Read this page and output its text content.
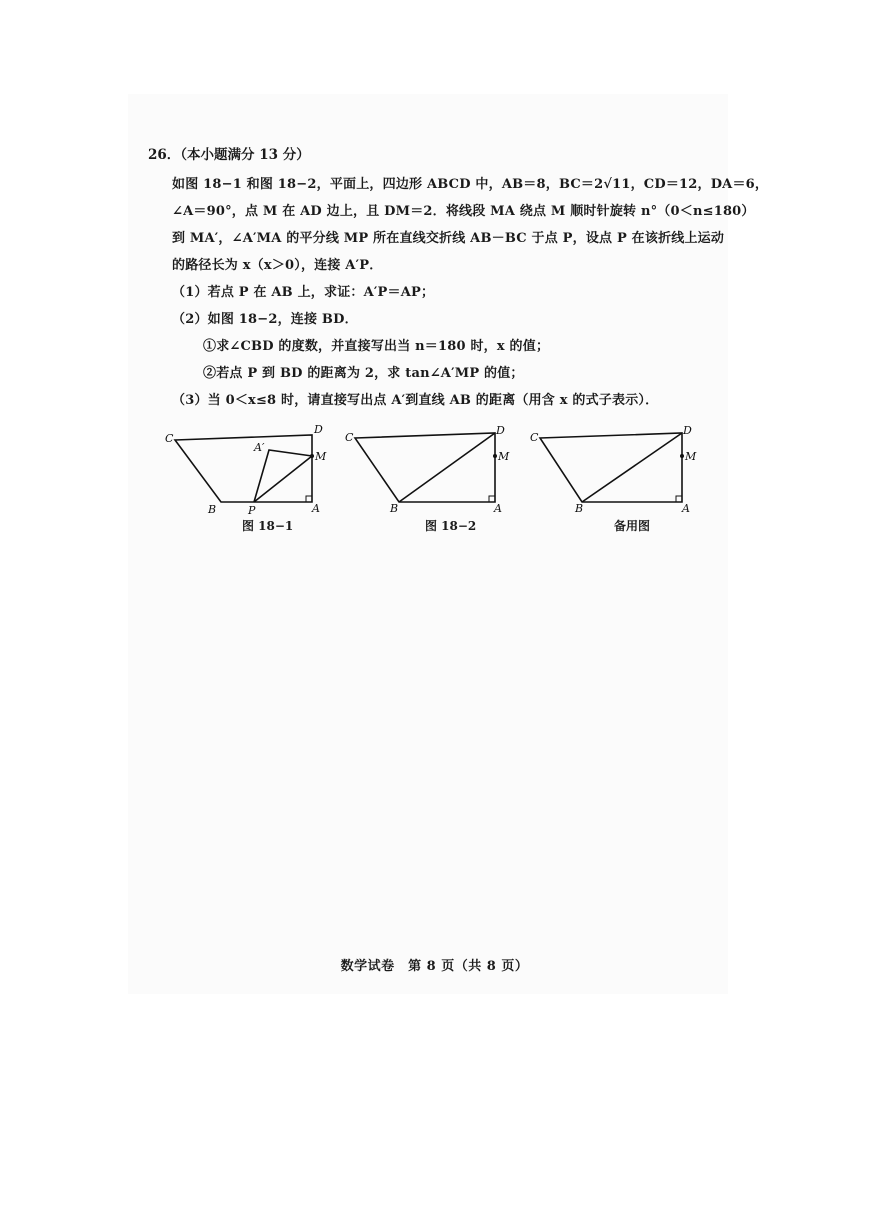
26．（本小题满分 13 分）
如图 18−1 和图 18−2，平面上，四边形 ABCD 中，AB＝8，BC＝2√11，CD＝12，DA＝6，
∠A＝90°，点 M 在 AD 边上，且 DM＝2．将线段 MA 绕点 M 顺时针旋转 n°（0＜n≤180）
到 MA′，∠A′MA 的平分线 MP 所在直线交折线 AB－BC 于点 P，设点 P 在该折线上运动
的路径长为 x（x＞0），连接 A′P．
（1）若点 P 在 AB 上，求证：A′P＝AP；
（2）如图 18−2，连接 BD．
①求∠CBD 的度数，并直接写出当 n＝180 时，x 的值；
②若点 P 到 BD 的距离为 2，求 tan∠A′MP 的值；
（3）当 0＜x≤8 时，请直接写出点 A′到直线 AB 的距离（用含 x 的式子表示）．
C
D
M
A
B	P
A′
C
D
M
A
B
C
D
M
A
B
图 18−1	图 18−2	备用图
数学试卷　第 8 页（共 8 页）
